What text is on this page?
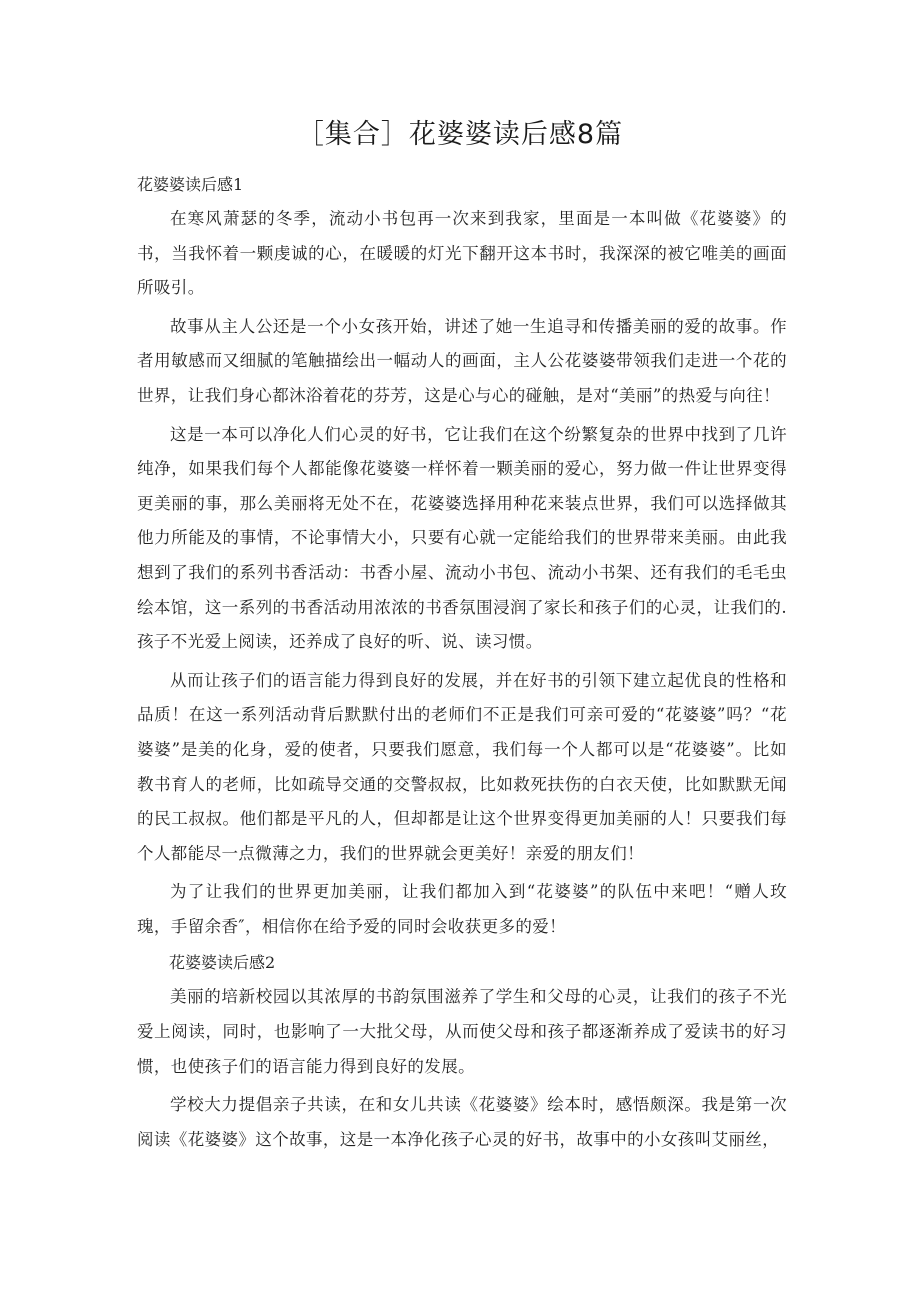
［集合］花婆婆读后感8篇
花婆婆读后感1

在寒风萧瑟的冬季，流动小书包再一次来到我家，里面是一本叫做《花婆婆》的书，当我怀着一颗虔诚的心，在暖暖的灯光下翻开这本书时，我深深的被它唯美的画面所吸引。

故事从主人公还是一个小女孩开始，讲述了她一生追寻和传播美丽的爱的故事。作者用敏感而又细腻的笔触描绘出一幅动人的画面，主人公花婆婆带领我们走进一个花的世界，让我们身心都沐浴着花的芬芳，这是心与心的碰触，是对“美丽”的热爱与向往！

这是一本可以净化人们心灵的好书，它让我们在这个纷繁复杂的世界中找到了几许纯净，如果我们每个人都能像花婆婆一样怀着一颗美丽的爱心，努力做一件让世界变得更美丽的事，那么美丽将无处不在，花婆婆选择用种花来装点世界，我们可以选择做其他力所能及的事情，不论事情大小，只要有心就一定能给我们的世界带来美丽。由此我想到了我们的系列书香活动：书香小屋、流动小书包、流动小书架、还有我们的毛毛虫绘本馆，这一系列的书香活动用浓浓的书香氛围浸润了家长和孩子们的心灵，让我们的.孩子不光爱上阅读，还养成了良好的听、说、读习惯。

从而让孩子们的语言能力得到良好的发展，并在好书的引领下建立起优良的性格和品质！在这一系列活动背后默默付出的老师们不正是我们可亲可爱的“花婆婆”吗？“花婆婆”是美的化身，爱的使者，只要我们愿意，我们每一个人都可以是“花婆婆”。比如教书育人的老师，比如疏导交通的交警叔叔，比如救死扶伤的白衣天使，比如默默无闻的民工叔叔。他们都是平凡的人，但却都是让这个世界变得更加美丽的人！只要我们每个人都能尽一点微薄之力，我们的世界就会更美好！亲爱的朋友们！

为了让我们的世界更加美丽，让我们都加入到“花婆婆”的队伍中来吧！“赠人玫瑰，手留余香″，相信你在给予爱的同时会收获更多的爱！

花婆婆读后感2

美丽的培新校园以其浓厚的书韵氛围滋养了学生和父母的心灵，让我们的孩子不光爱上阅读，同时，也影响了一大批父母，从而使父母和孩子都逐渐养成了爱读书的好习惯，也使孩子们的语言能力得到良好的发展。

学校大力提倡亲子共读，在和女儿共读《花婆婆》绘本时，感悟颇深。我是第一次阅读《花婆婆》这个故事，这是一本净化孩子心灵的好书，故事中的小女孩叫艾丽丝，
